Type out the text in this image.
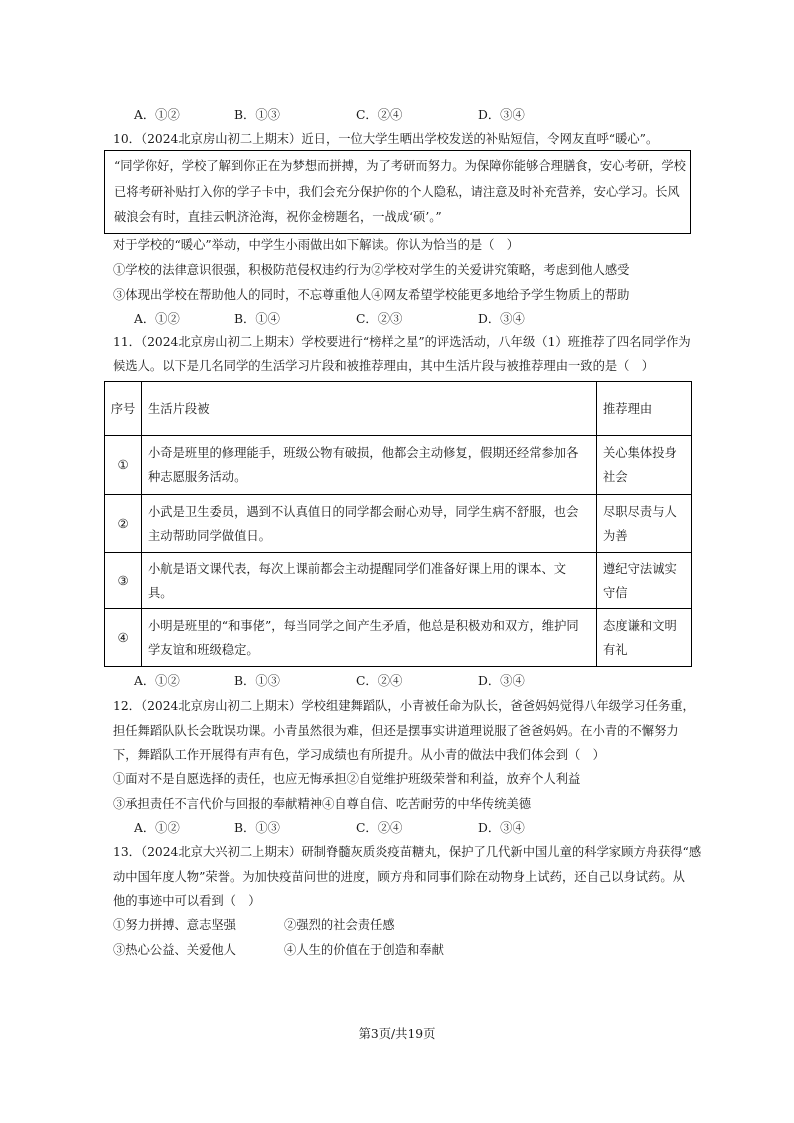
A．①②	B．①③	C．②④	D．③④
10．（2024北京房山初二上期末）近日，一位大学生晒出学校发送的补贴短信，令网友直呼“暖心”。
“同学你好，学校了解到你正在为梦想而拼搏，为了考研而努力。为保障你能够合理膳食，安心考研，学校
已将考研补贴打入你的学子卡中，我们会充分保护你的个人隐私，请注意及时补充营养，安心学习。长风
破浪会有时，直挂云帆济沧海，祝你金榜题名，一战成‘硕’。”
对于学校的“暖心”举动，中学生小雨做出如下解读。你认为恰当的是（　）
①学校的法律意识很强，积极防范侵权违约行为②学校对学生的关爱讲究策略，考虑到他人感受
③体现出学校在帮助他人的同时，不忘尊重他人④网友希望学校能更多地给予学生物质上的帮助
A．①②	B．①④	C．②③	D．③④
11．（2024北京房山初二上期末）学校要进行“榜样之星”的评选活动，八年级（1）班推荐了四名同学作为
候选人。以下是几名同学的生活学习片段和被推荐理由，其中生活片段与被推荐理由一致的是（　）
序号	生活片段被	推荐理由
①	小奇是班里的修理能手，班级公物有破损，他都会主动修复，假期还经常参加各种志愿服务活动。	关心集体投身社会
②	小武是卫生委员，遇到不认真值日的同学都会耐心劝导，同学生病不舒服，也会主动帮助同学做值日。	尽职尽责与人为善
③	小航是语文课代表，每次上课前都会主动提醒同学们准备好课上用的课本、文具。	遵纪守法诚实守信
④	小明是班里的“和事佬”，每当同学之间产生矛盾，他总是积极劝和双方，维护同学友谊和班级稳定。	态度谦和文明有礼
A．①②	B．①③	C．②④	D．③④
12．（2024北京房山初二上期末）学校组建舞蹈队，小青被任命为队长，爸爸妈妈觉得八年级学习任务重，
担任舞蹈队队长会耽误功课。小青虽然很为难，但还是摆事实讲道理说服了爸爸妈妈。在小青的不懈努力
下，舞蹈队工作开展得有声有色，学习成绩也有所提升。从小青的做法中我们体会到（　）
①面对不是自愿选择的责任，也应无悔承担②自觉维护班级荣誉和利益，放弃个人利益
③承担责任不言代价与回报的奉献精神④自尊自信、吃苦耐劳的中华传统美德
A．①②	B．①③	C．②④	D．③④
13．（2024北京大兴初二上期末）研制脊髓灰质炎疫苗糖丸，保护了几代新中国儿童的科学家顾方舟获得“感
动中国年度人物”荣誉。为加快疫苗问世的进度，顾方舟和同事们除在动物身上试药，还自己以身试药。从
他的事迹中可以看到（　）
①努力拼搏、意志坚强	②强烈的社会责任感
③热心公益、关爱他人	④人生的价值在于创造和奉献
第3页/共19页
